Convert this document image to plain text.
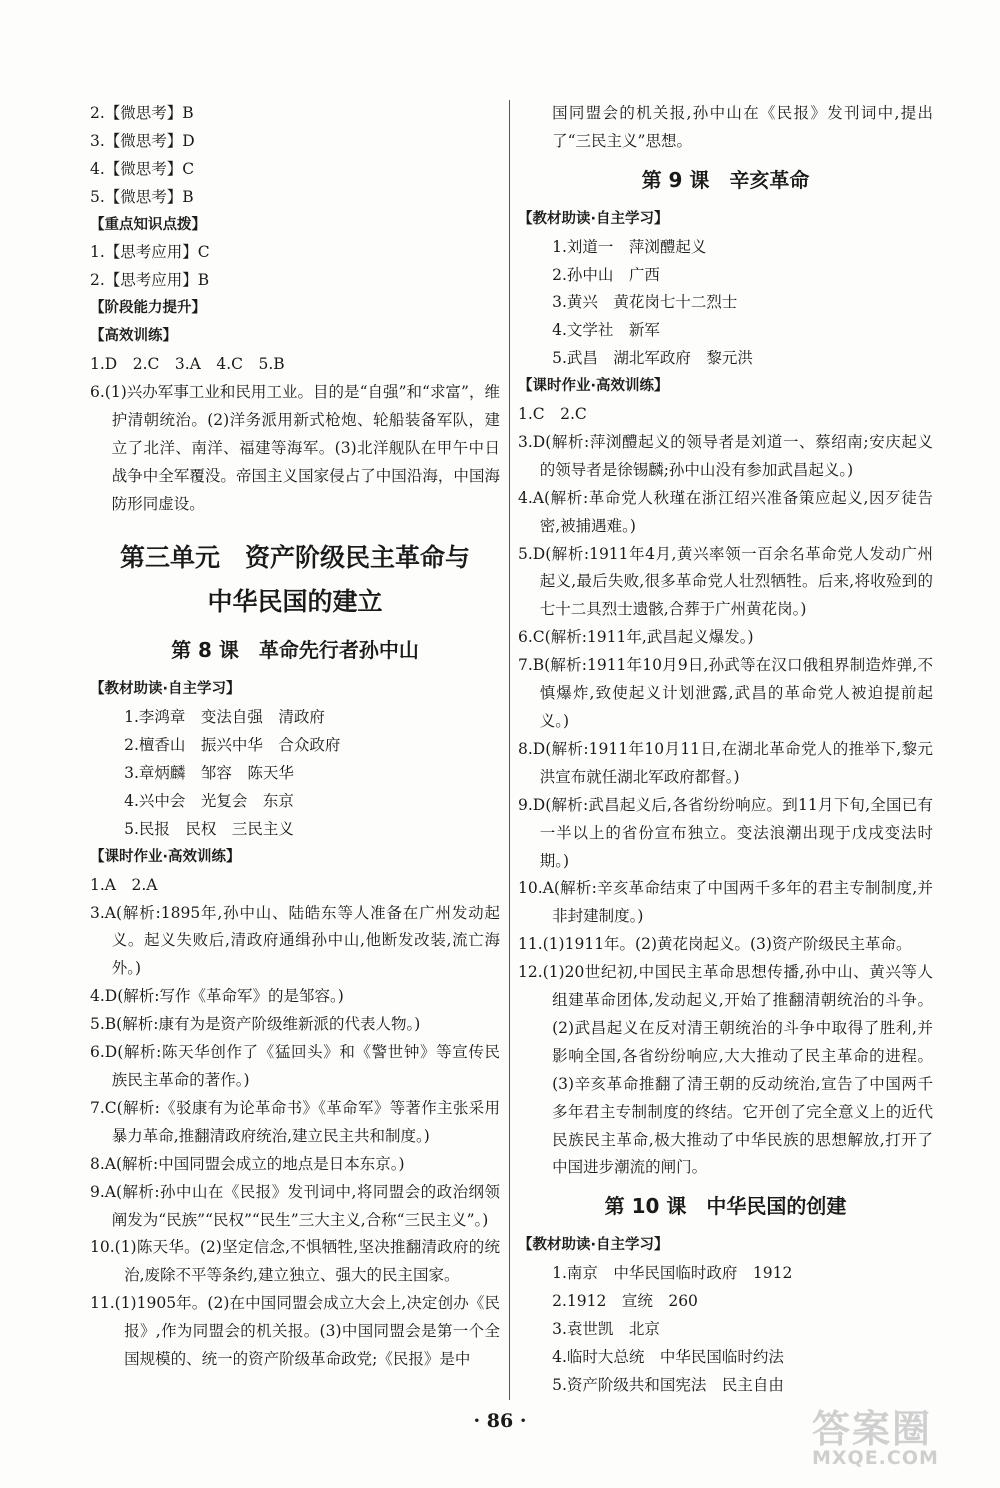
2.【微思考】B
3.【微思考】D
4.【微思考】C
5.【微思考】B
【重点知识点拨】
1.【思考应用】C
2.【思考应用】B
【阶段能力提升】
【高效训练】
1.D　2.C　3.A　4.C　5.B
6.(1)兴办军事工业和民用工业。目的是“自强”和“求富”，维护清朝统治。(2)洋务派用新式枪炮、轮船装备军队，建立了北洋、南洋、福建等海军。(3)北洋舰队在甲午中日战争中全军覆没。帝国主义国家侵占了中国沿海，中国海防形同虚设。
第三单元　资产阶级民主革命与
中华民国的建立
第 8 课　革命先行者孙中山
【教材助读·自主学习】
1.李鸿章　变法自强　清政府
2.檀香山　振兴中华　合众政府
3.章炳麟　邹容　陈天华
4.兴中会　光复会　东京
5.民报　民权　三民主义
【课时作业·高效训练】
1.A　2.A
3.A(解析:1895年,孙中山、陆皓东等人准备在广州发动起义。起义失败后,清政府通缉孙中山,他断发改装,流亡海外。)
4.D(解析:写作《革命军》的是邹容。)
5.B(解析:康有为是资产阶级维新派的代表人物。)
6.D(解析:陈天华创作了《猛回头》和《警世钟》等宣传民族民主革命的著作。)
7.C(解析:《驳康有为论革命书》《革命军》等著作主张采用暴力革命,推翻清政府统治,建立民主共和制度。)
8.A(解析:中国同盟会成立的地点是日本东京。)
9.A(解析:孙中山在《民报》发刊词中,将同盟会的政治纲领阐发为“民族”“民权”“民生”三大主义,合称“三民主义”。)
10.(1)陈天华。(2)坚定信念,不惧牺牲,坚决推翻清政府的统治,废除不平等条约,建立独立、强大的民主国家。
11.(1)1905年。(2)在中国同盟会成立大会上,决定创办《民报》,作为同盟会的机关报。(3)中国同盟会是第一个全国规模的、统一的资产阶级革命政党;《民报》是中
国同盟会的机关报,孙中山在《民报》发刊词中,提出了“三民主义”思想。
第 9 课　辛亥革命
【教材助读·自主学习】
1.刘道一　萍浏醴起义
2.孙中山　广西
3.黄兴　黄花岗七十二烈士
4.文学社　新军
5.武昌　湖北军政府　黎元洪
【课时作业·高效训练】
1.C　2.C
3.D(解析:萍浏醴起义的领导者是刘道一、蔡绍南;安庆起义的领导者是徐锡麟;孙中山没有参加武昌起义。)
4.A(解析:革命党人秋瑾在浙江绍兴准备策应起义,因歹徒告密,被捕遇难。)
5.D(解析:1911年4月,黄兴率领一百余名革命党人发动广州起义,最后失败,很多革命党人壮烈牺牲。后来,将收殓到的七十二具烈士遗骸,合葬于广州黄花岗。)
6.C(解析:1911年,武昌起义爆发。)
7.B(解析:1911年10月9日,孙武等在汉口俄租界制造炸弹,不慎爆炸,致使起义计划泄露,武昌的革命党人被迫提前起义。)
8.D(解析:1911年10月11日,在湖北革命党人的推举下,黎元洪宣布就任湖北军政府都督。)
9.D(解析:武昌起义后,各省纷纷响应。到11月下旬,全国已有一半以上的省份宣布独立。变法浪潮出现于戊戌变法时期。)
10.A(解析:辛亥革命结束了中国两千多年的君主专制制度,并非封建制度。)
11.(1)1911年。(2)黄花岗起义。(3)资产阶级民主革命。
12.(1)20世纪初,中国民主革命思想传播,孙中山、黄兴等人组建革命团体,发动起义,开始了推翻清朝统治的斗争。(2)武昌起义在反对清王朝统治的斗争中取得了胜利,并影响全国,各省纷纷响应,大大推动了民主革命的进程。(3)辛亥革命推翻了清王朝的反动统治,宣告了中国两千多年君主专制制度的终结。它开创了完全意义上的近代民族民主革命,极大推动了中华民族的思想解放,打开了中国进步潮流的闸门。
第 10 课　中华民国的创建
【教材助读·自主学习】
1.南京　中华民国临时政府　1912
2.1912　宣统　260
3.袁世凯　北京
4.临时大总统　中华民国临时约法
5.资产阶级共和国宪法　民主自由
· 86 ·	答案圈
MXQE.COM
